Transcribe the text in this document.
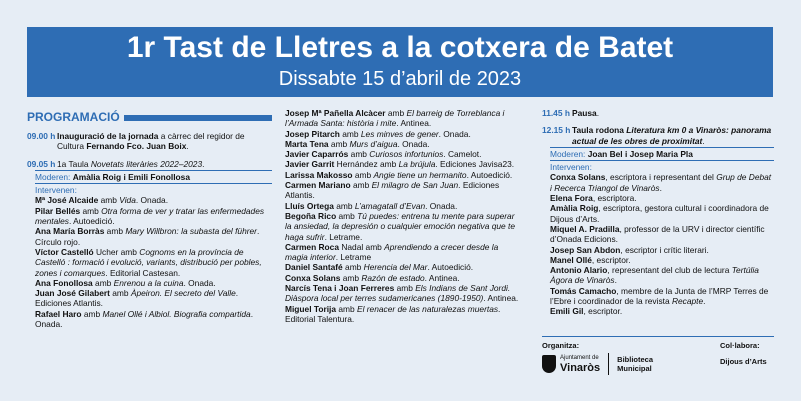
1r Tast de Lletres a la cotxera de Batet
Dissabte 15 d’abril de 2023
PROGRAMACIÓ
09.00 h Inauguració de la jornada a càrrec del regidor de Cultura Fernando Fco. Juan Boix.
09.05 h 1a Taula Novetats literàries 2022–2023.
Moderen: Amàlia Roig i Emili Fonollosa
Intervenen:
Mª José Alcaide amb Vida. Onada.
Pilar Bellés amb Otra forma de ver y tratar las enfermedades mentales. Autoedició.
Ana María Borràs amb Mary Willbron: la subasta del führer. Círculo rojo.
Víctor Castelló Ucher amb Cognoms en la província de Castelló : formació i evolució, variants, distribució per pobles, zones i comarques. Editorial Castesan.
Ana Fonollosa amb Enrenou a la cuina. Onada.
Juan José Gilabert amb Àpeiron. El secreto del Valle. Ediciones Atlantis.
Rafael Haro amb Manel Ollé i Albiol. Biografia compartida. Onada.
Josep Mª Pañella Alcàcer amb El barreig de Torreblanca i l’Armada Santa: història i mite. Antinea.
Josep Pitarch amb Les minves de gener. Onada.
Marta Tena amb Murs d’aigua. Onada.
Javier Caparrós amb Curiosos infortunios. Camelot.
Javier Garrit Hernández amb La brújula. Ediciones Javisa23.
Larissa Makosso amb Angie tiene un hermanito. Autoedició.
Carmen Mariano amb El milagro de San Juan. Ediciones Atlantis.
Lluís Ortega amb L’amagatall d’Evan. Onada.
Begoña Rico amb Tú puedes: entrena tu mente para superar la ansiedad, la depresión o cualquier emoción negativa que te haga sufrir. Letrame.
Carmen Roca Nadal amb Aprendiendo a crecer desde la magia interior. Letrame
Daniel Santafé amb Herencia del Mar. Autoedició.
Conxa Solans amb Razón de estado. Antinea.
Narcís Tena i Joan Ferreres amb Els Indians de Sant Jordi. Diàspora local per terres sudamericanes (1890-1950). Antinea.
Miguel Torija amb El renacer de las naturalezas muertas. Editorial Talentura.
11.45 h Pausa.
12.15 h Taula rodona Literatura km 0 a Vinaròs: panorama actual de les obres de proximitat.
Moderen: Joan Bel i Josep Maria Pla
Intervenen:
Conxa Solans, escriptora i representant del Grup de Debat i Recerca Triangol de Vinaròs.
Elena Fora, escriptora.
Amàlia Roig, escriptora, gestora cultural i coordinadora de Dijous d’Arts.
Miquel A. Pradilla, professor de la URV i director científic d’Onada Edicions.
Josep San Abdon, escriptor i crític literari.
Manel Ollé, escriptor.
Antonio Alario, representant del club de lectura Tertúlia Àgora de Vinaròs.
Tomás Camacho, membre de la Junta de l’MRP Terres de l’Ebre i coordinador de la revista Recapte.
Emili Gil, escriptor.
Organitza:	Col·labora:
Ajuntament de
Vinaròs
Biblioteca
Municipal
Dijous d’Arts
